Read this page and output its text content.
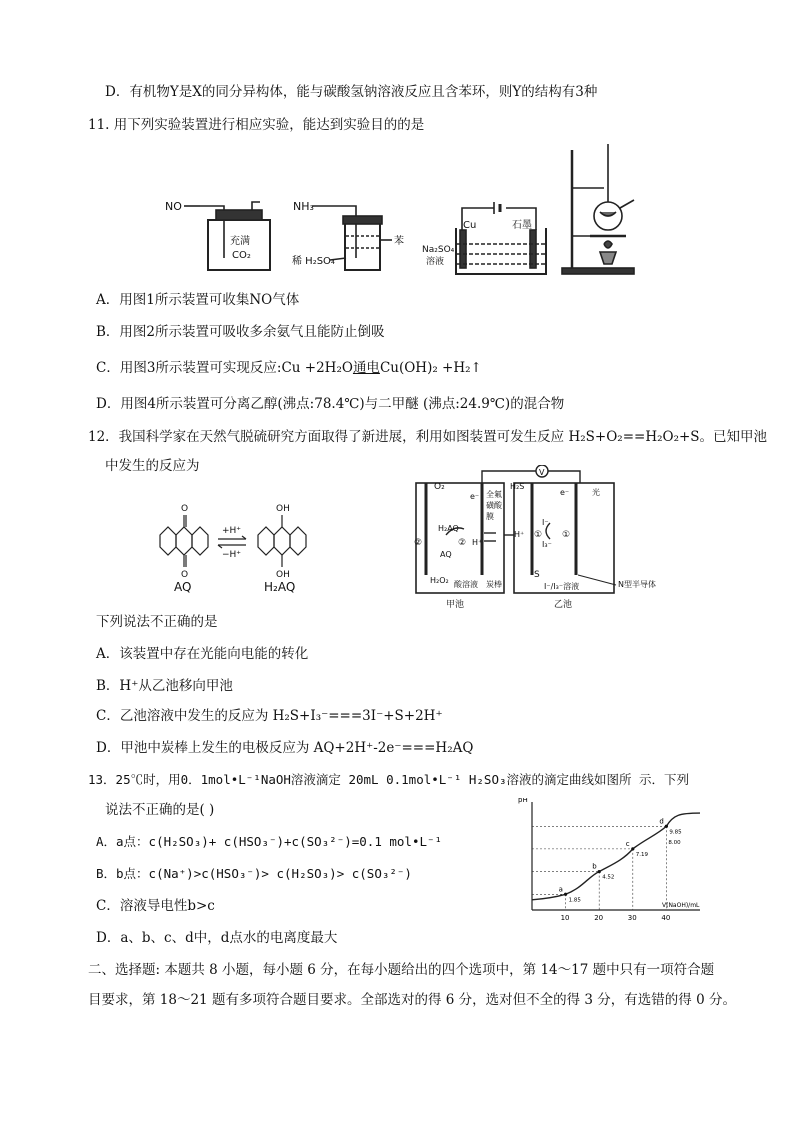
D．有机物Y是X的同分异构体，能与碳酸氢钠溶液反应且含苯环，则Y的结构有3种
11. 用下列实验装置进行相应实验，能达到实验目的的是
NO
充满
CO₂
NH₃
苯
稀 H₂SO₄
Cu	石墨
Na₂SO₄
溶液
A．用图1所示装置可收集NO气体
B．用图2所示装置可吸收多余氨气且能防止倒吸
C．用图3所示装置可实现反应:Cu +2H₂O通电Cu(OH)₂ +H₂↑
D．用图4所示装置可分离乙醇(沸点:78.4℃)与二甲醚 (沸点:24.9℃)的混合物
12．我国科学家在天然气脱硫研究方面取得了新进展，利用如图装置可发生反应 H₂S+O₂==H₂O₂+S。已知甲池
中发生的反应为
O
O
OH
OH
+H⁺
−H⁺
AQ	H₂AQ
V
O₂
e⁻ 全氟
磺酸
膜
H₂AQ
②	② H⁺
AQ
H₂O₂ 酸溶液 炭棒
H⁺
H₂S
e⁻
I⁻
① ①
I₃⁻
S
I⁻/I₃⁻溶液
光
N型半导体
甲池	乙池
下列说法不正确的是
A．该装置中存在光能向电能的转化
B．H⁺从乙池移向甲池
C．乙池溶液中发生的反应为 H₂S+I₃⁻===3I⁻+S+2H⁺
D．甲池中炭棒上发生的电极反应为 AQ+2H⁺-2e⁻===H₂AQ
13．25℃时，用0．1mol•L⁻¹NaOH溶液滴定 20mL 0.1mol•L⁻¹ H₂SO₃溶液的滴定曲线如图所 示．下列
说法不正确的是( )
A．a点：c(H₂SO₃)+ c(HSO₃⁻)+c(SO₃²⁻)=0.1 mol•L⁻¹
B．b点：c(Na⁺)>c(HSO₃⁻)> c(H₂SO₃)> c(SO₃²⁻)
C．溶液导电性b>c
D．a、b、c、d中，d点水的电离度最大
pH
V(NaOH)/mL
10	20	30	40
a
1.85
b
4.52
c
7.19
d
9.85
8.00
二、选择题: 本题共 8 小题，每小题 6 分，在每小题给出的四个选项中，第 14～17 题中只有一项符合题
目要求，第 18～21 题有多项符合题目要求。全部选对的得 6 分，选对但不全的得 3 分，有选错的得 0 分。
